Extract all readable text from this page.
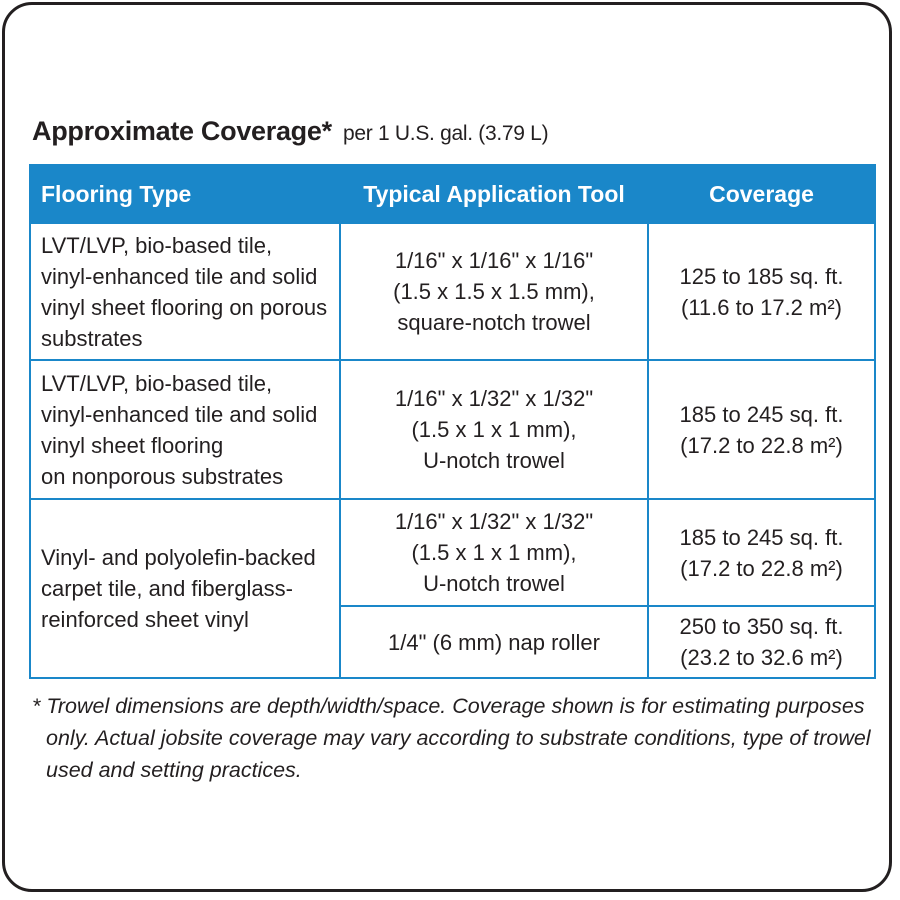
Approximate Coverage* per 1 U.S. gal. (3.79 L)
Flooring Type	Typical Application Tool	Coverage

LVT/LVP, bio-based tile,
vinyl-enhanced tile and solid
vinyl sheet flooring on porous
substrates	1/16" x 1/16" x 1/16"
(1.5 x 1.5 x 1.5 mm),
square-notch trowel	125 to 185 sq. ft.
(11.6 to 17.2 m²)

LVT/LVP, bio-based tile,
vinyl-enhanced tile and solid
vinyl sheet flooring
on nonporous substrates	1/16" x 1/32" x 1/32"
(1.5 x 1 x 1 mm),
U-notch trowel	185 to 245 sq. ft.
(17.2 to 22.8 m²)

Vinyl- and polyolefin-backed
carpet tile, and fiberglass-
reinforced sheet vinyl	1/16" x 1/32" x 1/32"
(1.5 x 1 x 1 mm),
U-notch trowel	185 to 245 sq. ft.
(17.2 to 22.8 m²)

	1/4" (6 mm) nap roller	250 to 350 sq. ft.
(23.2 to 32.6 m²)
* Trowel dimensions are depth/width/space. Coverage shown is for estimating purposes
only. Actual jobsite coverage may vary according to substrate conditions, type of trowel
used and setting practices.
